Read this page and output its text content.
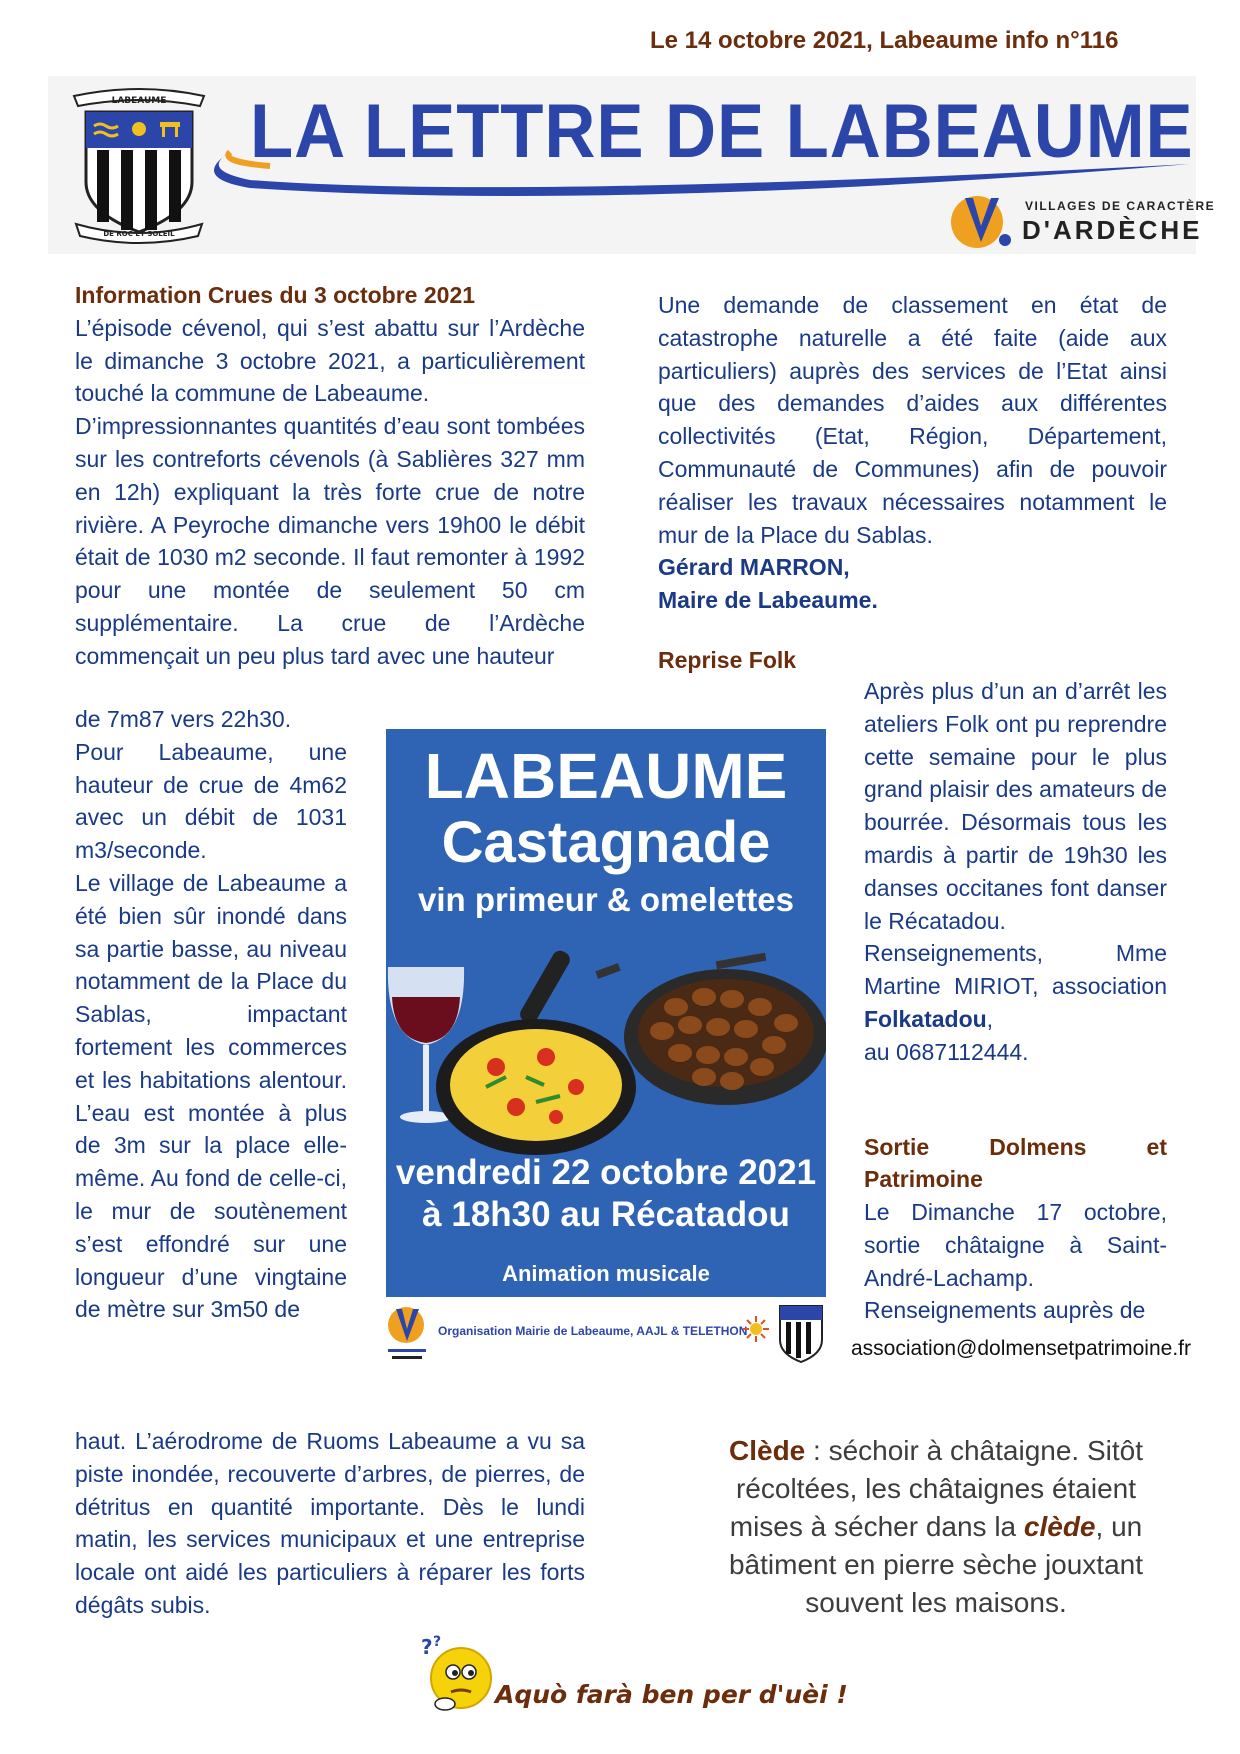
Le 14 octobre 2021, Labeaume info n°116
LABEAUME
DE ROC ET SOLEIL
LA LETTRE DE LABEAUME
VILLAGES DE CARACTÈRE
D'ARDÈCHE
Information Crues du 3 octobre 2021

L’épisode cévenol, qui s’est abattu sur l’Ardèche le dimanche 3 octobre 2021, a particulièrement touché la commune de Labeaume.

D’impressionnantes quantités d’eau sont tombées sur les contreforts cévenols (à Sablières 327 mm en 12h) expliquant la très forte crue de notre rivière. A Peyroche dimanche vers 19h00 le débit était de 1030 m2 seconde. Il faut remonter à 1992 pour une montée de seulement 50 cm supplémentaire. La crue de l’Ardèche commençait un peu plus tard avec une hauteur

de 7m87 vers 22h30.

Pour Labeaume, une hauteur de crue de 4m62 avec un débit de 1031 m3/seconde.

Le village de Labeaume a été bien sûr inondé dans sa partie basse, au niveau notamment de la Place du Sablas, impactant fortement les commerces et les habitations alentour. L’eau est montée à plus de 3m sur la place elle-même. Au fond de celle-ci, le mur de soutènement s’est effondré sur une longueur d’une vingtaine de mètre sur 3m50 de

haut. L’aérodrome de Ruoms Labeaume a vu sa piste inondée, recouverte d’arbres, de pierres, de détritus en quantité importante. Dès le lundi matin, les services municipaux et une entreprise locale ont aidé les particuliers à réparer les forts dégâts subis.

Une demande de classement en état de catastrophe naturelle a été faite (aide aux particuliers) auprès des services de l’Etat ainsi que des demandes d’aides aux différentes collectivités (Etat, Région, Département, Communauté de Communes) afin de pouvoir réaliser les travaux nécessaires notamment le mur de la Place du Sablas.

Gérard MARRON,

Maire de Labeaume.

Reprise Folk

Après plus d’un an d’arrêt les ateliers Folk ont pu reprendre cette semaine pour le plus grand plaisir des amateurs de bourrée. Désormais tous les mardis à partir de 19h30 les danses occitanes font danser le Récatadou.

Renseignements, Mme Martine MIRIOT, association Folkatadou,

au 0687112444.

Sortie Dolmens et
Patrimoine

Le Dimanche 17 octobre, sortie châtaigne à Saint- André-Lachamp. Renseignements auprès de

association@dolmensetpatrimoine.fr
LABEAUME
Castagnade
vin primeur & omelettes
vendredi 22 octobre 2021
à 18h30 au Récatadou
Animation musicale
Organisation Mairie de Labeaume, AAJL & TELETHON
Clède : séchoir à châtaigne. Sitôt récoltées, les châtaignes étaient mises à sécher dans la clède, un bâtiment en pierre sèche jouxtant souvent les maisons.
? ?
Aquò farà ben per d'uèi !
